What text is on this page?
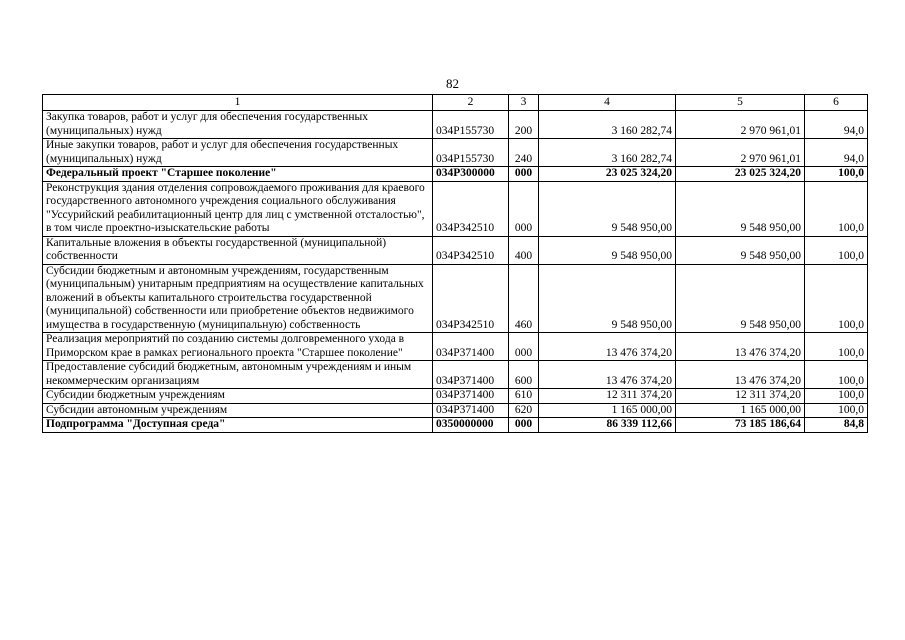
82
1	2	3	4	5	6
Закупка товаров, работ и услуг для обеспечения государственных (муниципальных) нужд	034P155730	200	3 160 282,74	2 970 961,01	94,0
Иные закупки товаров, работ и услуг для обеспечения государственных (муниципальных) нужд	034P155730	240	3 160 282,74	2 970 961,01	94,0
Федеральный проект "Старшее поколение"	034P300000	000	23 025 324,20	23 025 324,20	100,0
Реконструкция здания отделения сопровождаемого проживания для краевого государственного автономного учреждения социального обслуживания "Уссурийский реабилитационный центр для лиц с умственной отсталостью", в том числе проектно-изыскательские работы	034P342510	000	9 548 950,00	9 548 950,00	100,0
Капитальные вложения в объекты государственной (муниципальной) собственности	034P342510	400	9 548 950,00	9 548 950,00	100,0
Субсидии бюджетным и автономным учреждениям, государственным (муниципальным) унитарным предприятиям на осуществление капитальных вложений в объекты капитального строительства государственной (муниципальной) собственности или приобретение объектов недвижимого имущества в государственную (муниципальную) собственность	034P342510	460	9 548 950,00	9 548 950,00	100,0
Реализация мероприятий по созданию системы долговременного ухода в Приморском крае в рамках регионального проекта "Старшее поколение"	034P371400	000	13 476 374,20	13 476 374,20	100,0
Предоставление субсидий бюджетным, автономным учреждениям и иным некоммерческим организациям	034P371400	600	13 476 374,20	13 476 374,20	100,0
Субсидии бюджетным учреждениям	034P371400	610	12 311 374,20	12 311 374,20	100,0
Субсидии автономным учреждениям	034P371400	620	1 165 000,00	1 165 000,00	100,0
Подпрограмма "Доступная среда"	0350000000	000	86 339 112,66	73 185 186,64	84,8
